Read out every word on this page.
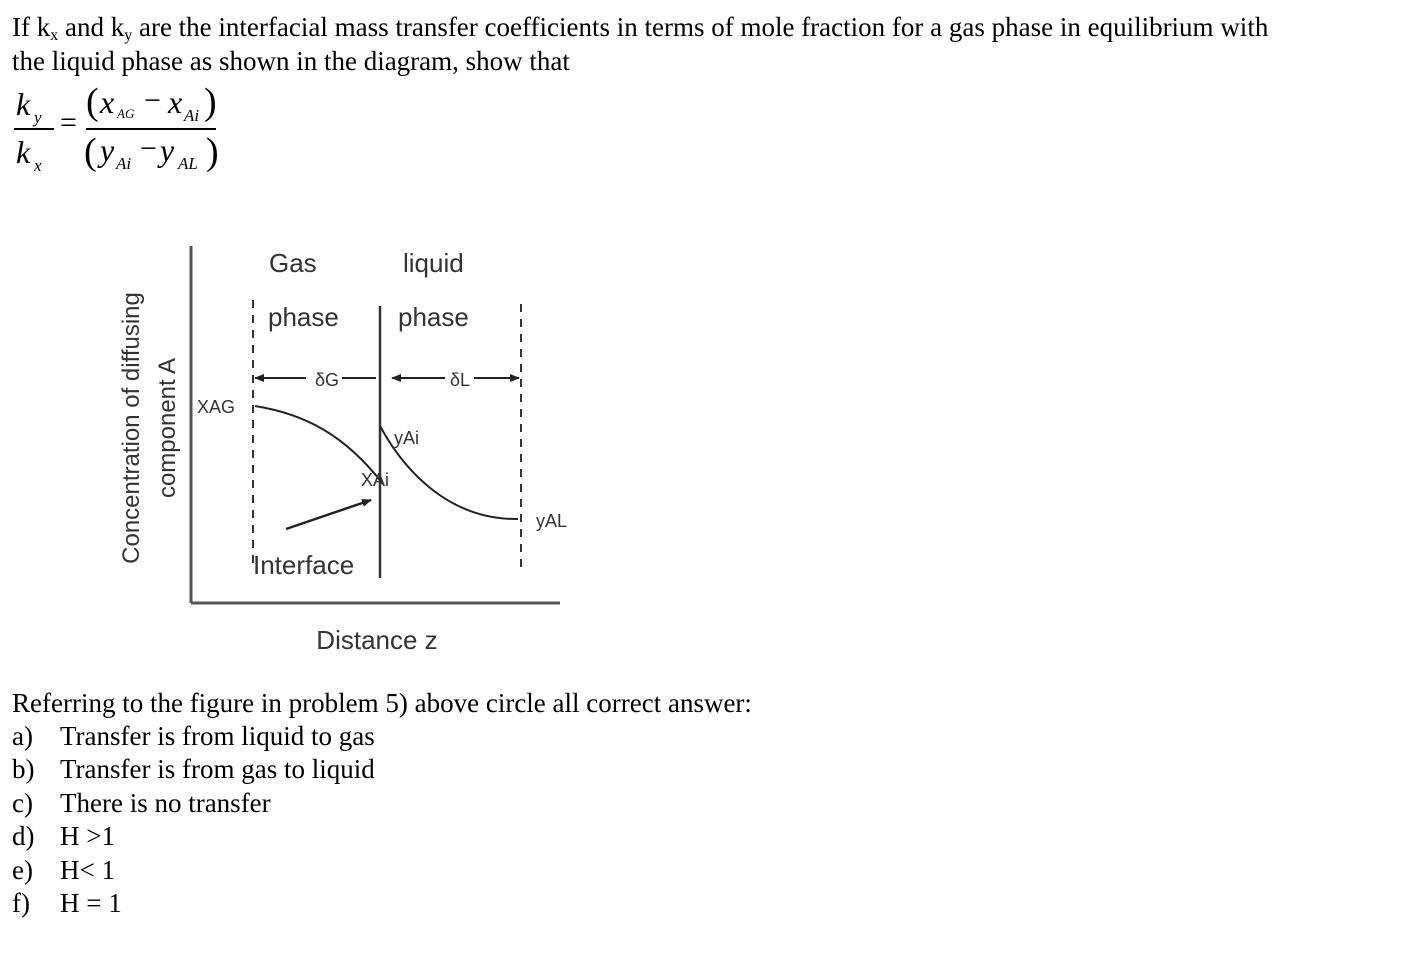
If $k_x$ and $k_y$ are the interfacial mass transfer coefficients in terms of mole fraction for a gas phase in equilibrium with
the liquid phase as shown in the diagram, show that
k y
k x
= ( x AG − x Ai )
( y Ai − y AL )
Concentration of diffusing component A
Gas
phase
liquid
phase
δG	δL
XAG
yAi
XAi
yAL
Interface
Distance z
Referring to the figure in problem 5) above circle all correct answer:
a) Transfer is from liquid to gas
b) Transfer is from gas to liquid
c) There is no transfer
d) H >1
e) H< 1
f) H = 1
